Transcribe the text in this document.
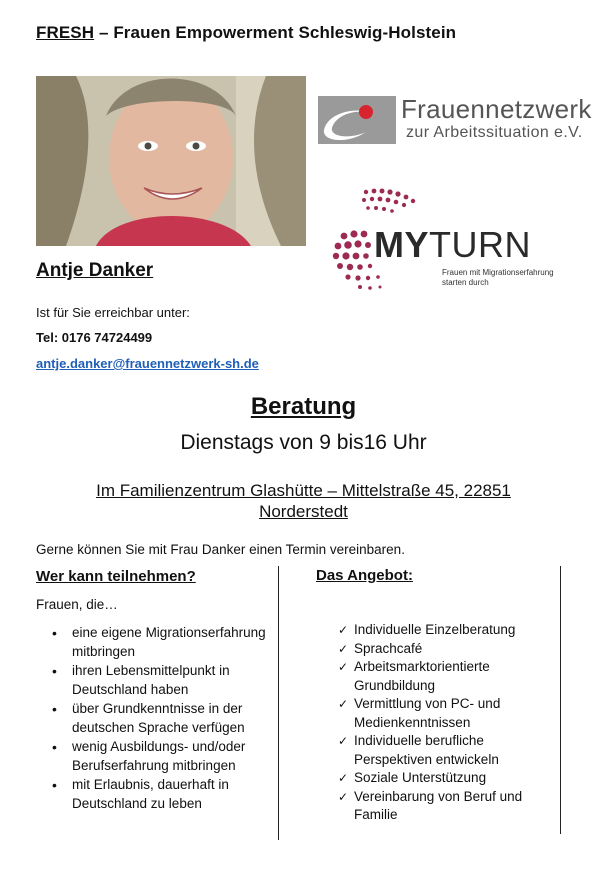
FRESH – Frauen Empowerment Schleswig-Holstein
Frauennetzwerk
zur Arbeitssituation e.V.
MYTURN
Frauen mit Migrationserfahrung
starten durch
Antje Danker
Ist für Sie erreichbar unter:
Tel: 0176 74724499
antje.danker@frauennetzwerk-sh.de
Beratung
Dienstags von 9 bis16 Uhr
Im Familienzentrum Glashütte – Mittelstraße 45, 22851
Norderstedt
Gerne können Sie mit Frau Danker einen Termin vereinbaren.
Wer kann teilnehmen?	Das Angebot:
Frauen, die…
• eine eigene Migrationserfahrung mitbringen
• ihren Lebensmittelpunkt in Deutschland haben
• über Grundkenntnisse in der deutschen Sprache verfügen
• wenig Ausbildungs- und/oder Berufserfahrung mitbringen
• mit Erlaubnis, dauerhaft in Deutschland zu leben
✓ Individuelle Einzelberatung
✓ Sprachcafé
✓ Arbeitsmarktorientierte Grundbildung
✓ Vermittlung von PC- und Medienkenntnissen
✓ Individuelle berufliche Perspektiven entwickeln
✓ Soziale Unterstützung
✓ Vereinbarung von Beruf und Familie
